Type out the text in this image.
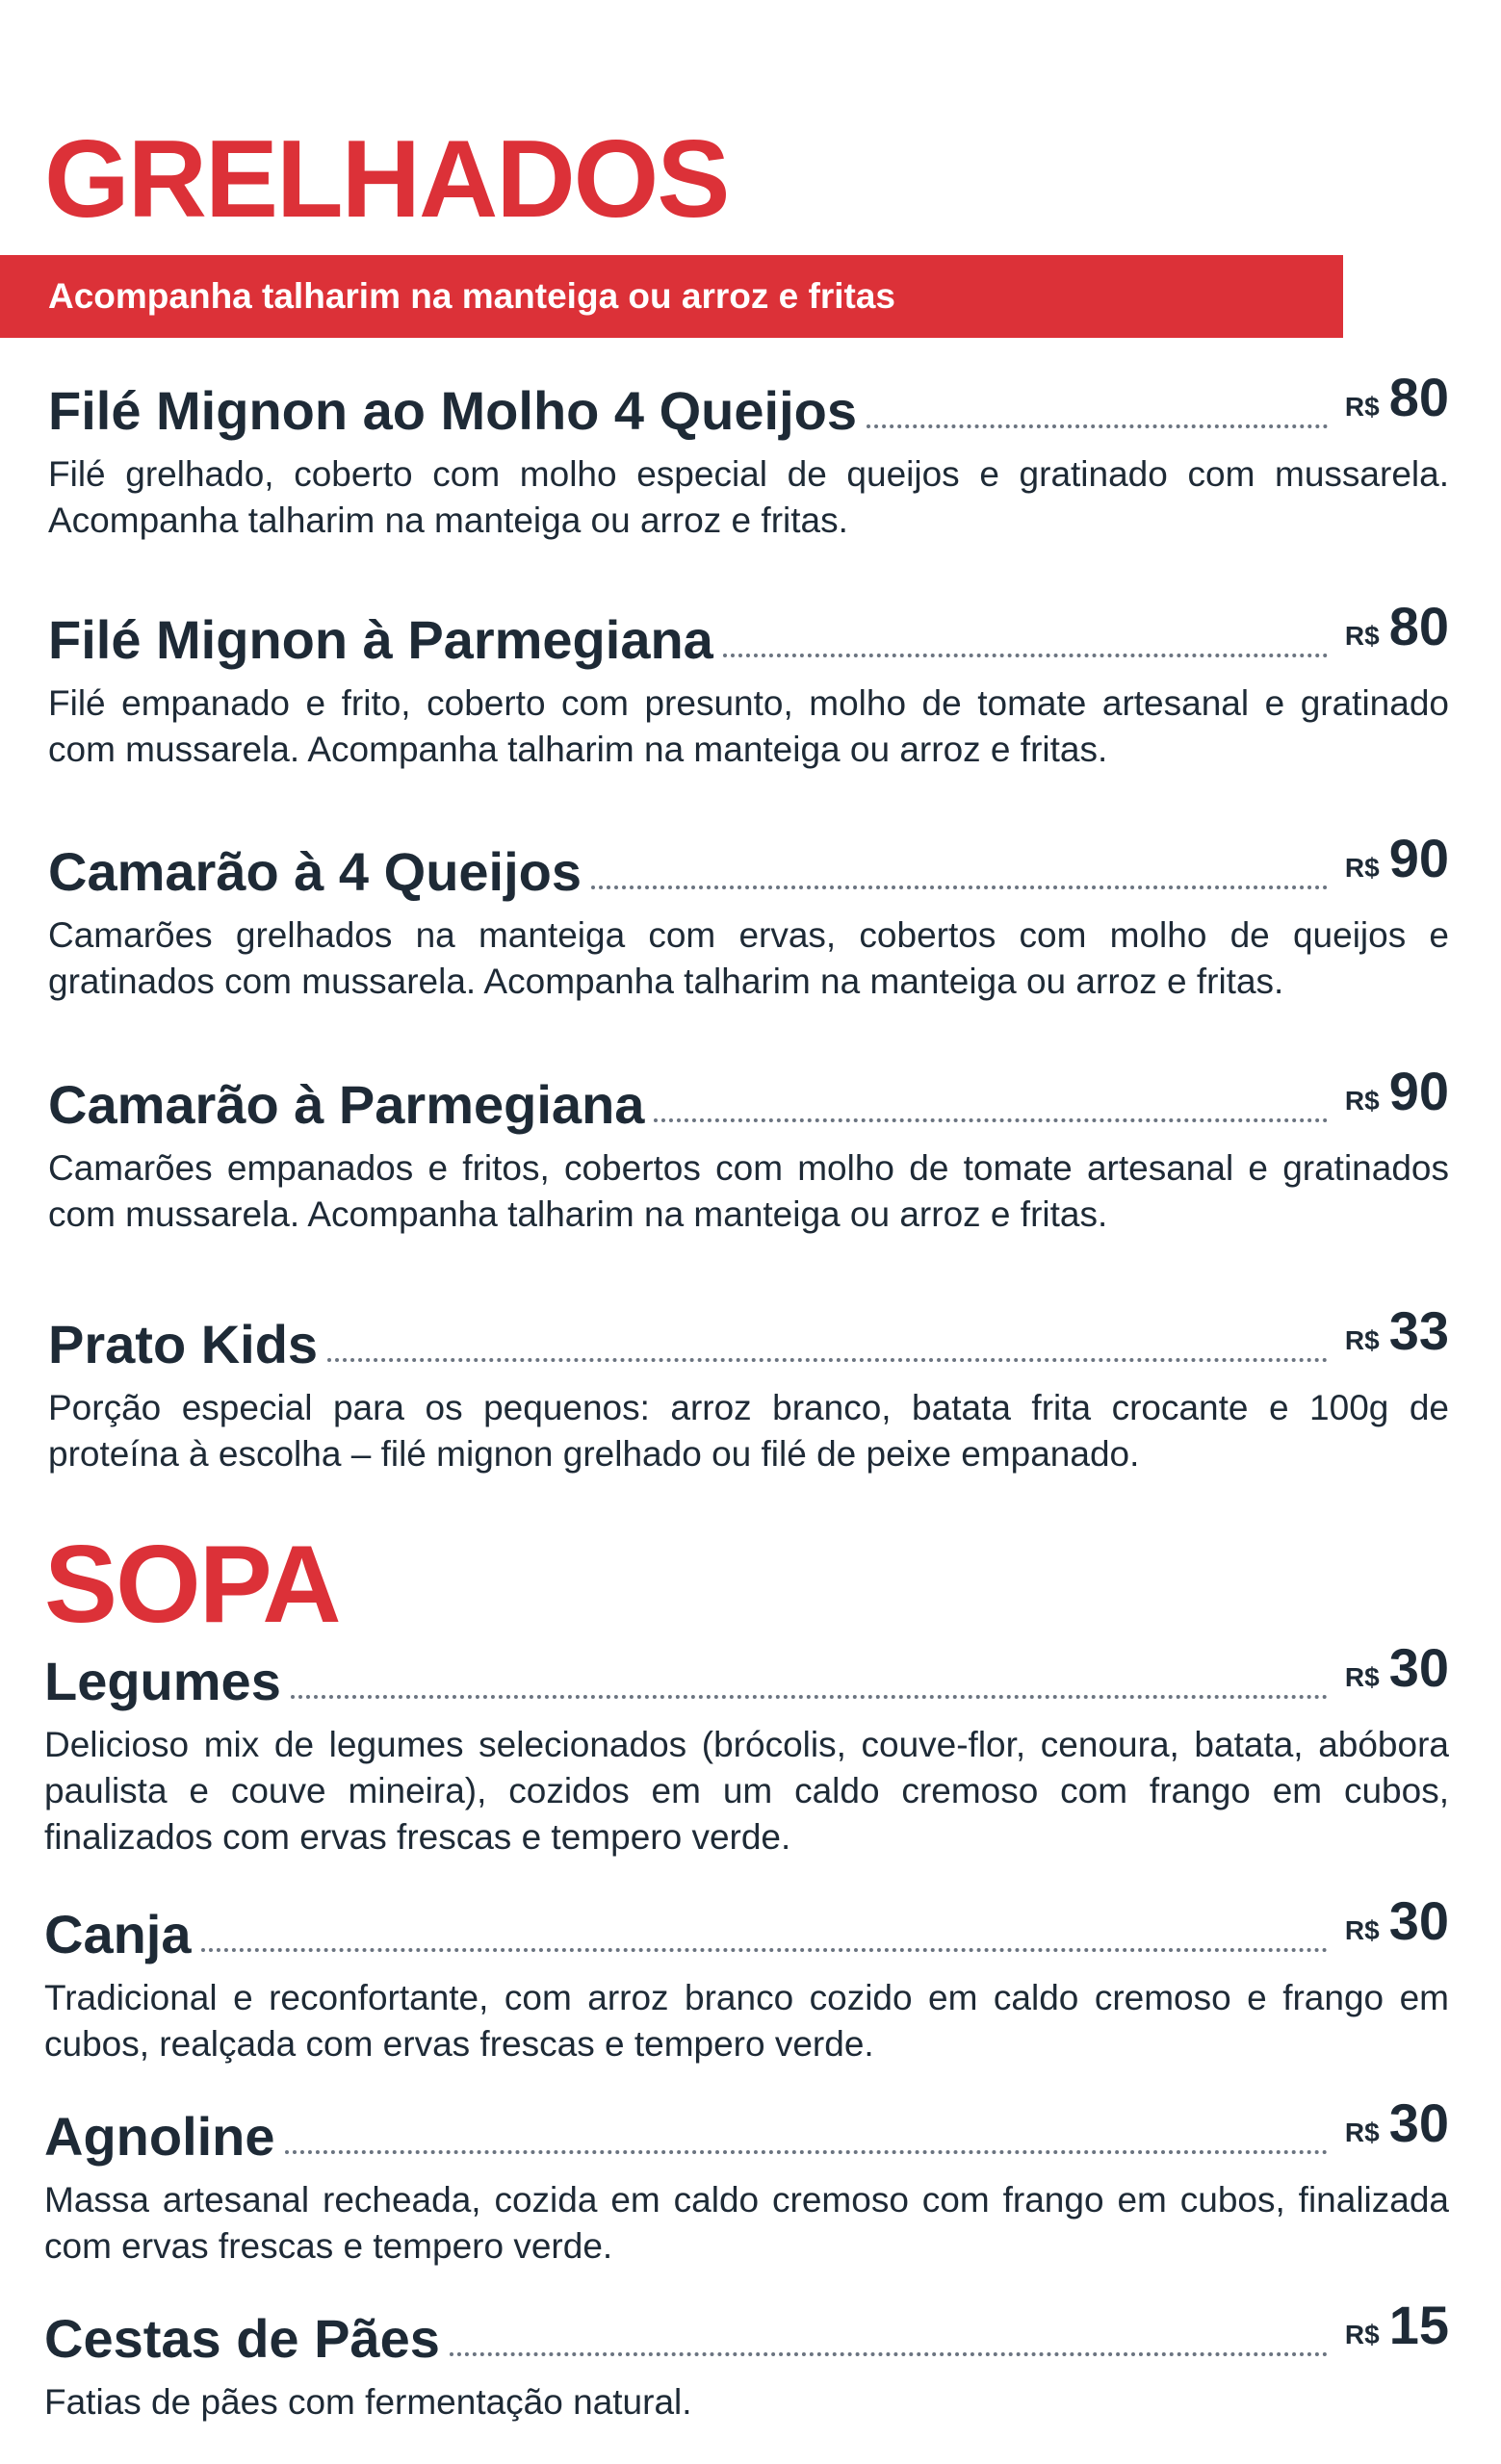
GRELHADOS
Acompanha talharim na manteiga ou arroz e fritas
Filé Mignon ao Molho 4 Queijos	R$ 80
Filé grelhado, coberto com molho especial de queijos e gratinado com mussarela. Acompanha talharim na manteiga ou arroz e fritas.
Filé Mignon à Parmegiana	R$ 80
Filé empanado e frito, coberto com presunto, molho de tomate artesanal e gratinado com mussarela. Acompanha talharim na manteiga ou arroz e fritas.
Camarão à 4 Queijos	R$ 90
Camarões grelhados na manteiga com ervas, cobertos com molho de queijos e gratinados com mussarela. Acompanha talharim na manteiga ou arroz e fritas.
Camarão à Parmegiana	R$ 90
Camarões empanados e fritos, cobertos com molho de tomate artesanal e gratinados com mussarela. Acompanha talharim na manteiga ou arroz e fritas.
Prato Kids	R$ 33
Porção especial para os pequenos: arroz branco, batata frita crocante e 100g de proteína à escolha – filé mignon grelhado ou filé de peixe empanado.
SOPA
Legumes	R$ 30
Delicioso mix de legumes selecionados (brócolis, couve-flor, cenoura, batata, abóbora paulista e couve mineira), cozidos em um caldo cremoso com frango em cubos, finalizados com ervas frescas e tempero verde.
Canja	R$ 30
Tradicional e reconfortante, com arroz branco cozido em caldo cremoso e frango em cubos, realçada com ervas frescas e tempero verde.
Agnoline	R$ 30
Massa artesanal recheada, cozida em caldo cremoso com frango em cubos, finalizada com ervas frescas e tempero verde.
Cestas de Pães	R$ 15
Fatias de pães com fermentação natural.
